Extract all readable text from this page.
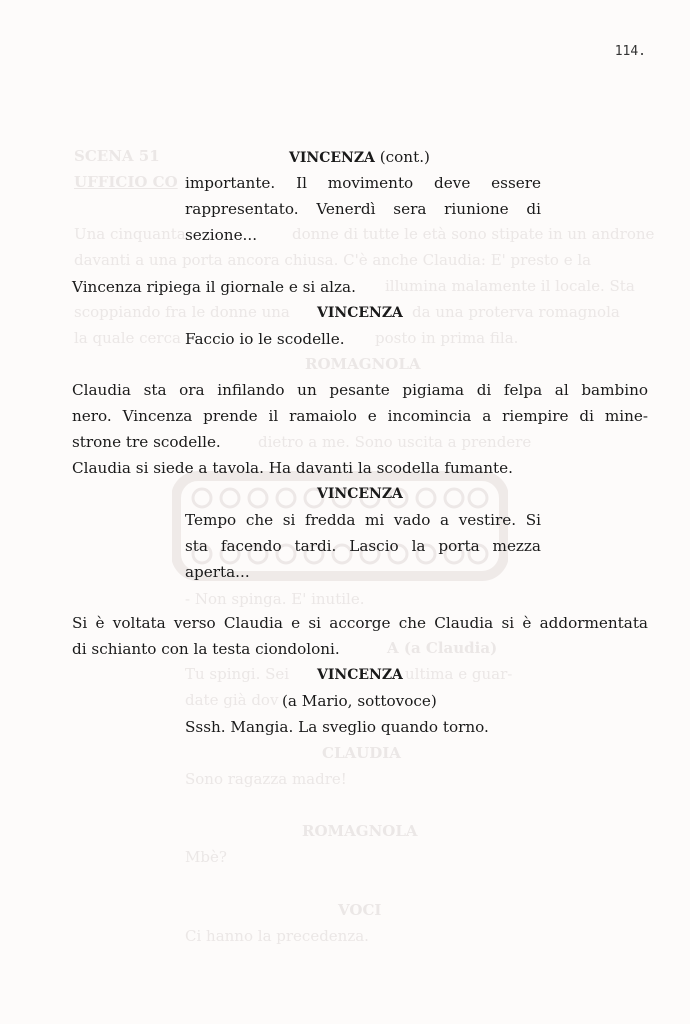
SCENA 51
UFFICIO CO
Una cinquanta	donne di tutte le età sono stipate in un androne
davanti a una porta ancora chiusa. C'è anche Claudia: E' presto e la
illumina malamente il locale. Sta
scoppiando fra le donne una	da una proterva romagnola
la quale cerca	posto in prima fila.
ROMAGNOLA
dietro a me. Sono uscita a prendere
- Non spinga. E' inutile.
A (a Claudia)
Tu spingi. Sei	ultima e guar-
date già dov
CLAUDIA
Sono ragazza madre!
ROMAGNOLA
Mbè?
VOCI
Ci hanno la precedenza.
114.
VINCENZA (cont.)
importante. Il movimento deve essere
rappresentato. Venerdì sera riunione di
sezione...
Vincenza ripiega il giornale e si alza.
VINCENZA
Faccio io le scodelle.
Claudia sta ora infilando un pesante pigiama di felpa al bambino
nero. Vincenza prende il ramaiolo e incomincia a riempire di mine-
strone tre scodelle.
Claudia si siede a tavola. Ha davanti la scodella fumante.
VINCENZA
Tempo che si fredda mi vado a vestire. Si
sta facendo tardi. Lascio la porta mezza
aperta...
Si è voltata verso Claudia e si accorge che Claudia si è addormentata
di schianto con la testa ciondoloni.
VINCENZA
(a Mario, sottovoce)
Sssh. Mangia. La sveglio quando torno.
